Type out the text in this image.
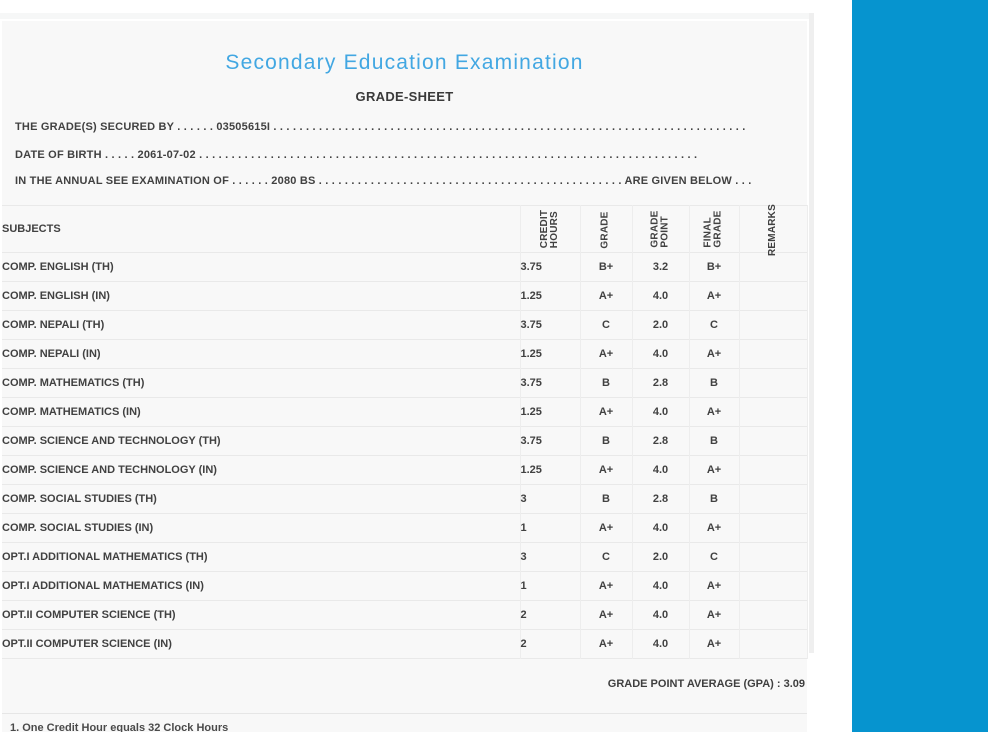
Secondary Education Examination
GRADE-SHEET
THE GRADE(S) SECURED BY . . . . . . 03505615I . . . . . . . . . . . . . . . . . . . . . . . . . . . . . . . . . . . . . . . . . . . . . . . . . . . . . . . . . . . . . . . . . . . . . . . . .
DATE OF BIRTH . . . . . 2061-07-02 . . . . . . . . . . . . . . . . . . . . . . . . . . . . . . . . . . . . . . . . . . . . . . . . . . . . . . . . . . . . . . . . . . . . . . . . . . . . .
IN THE ANNUAL SEE EXAMINATION OF . . . . . . 2080 BS . . . . . . . . . . . . . . . . . . . . . . . . . . . . . . . . . . . . . . . . . . . . . . . ARE GIVEN BELOW . . .
SUBJECTS	CREDIT HOURS	GRADE	GRADE POINT	FINAL GRADE	REMARKS

COMP. ENGLISH (TH)	3.75	B+	3.2	B+	
COMP. ENGLISH (IN)	1.25	A+	4.0	A+	
COMP. NEPALI (TH)	3.75	C	2.0	C	
COMP. NEPALI (IN)	1.25	A+	4.0	A+	
COMP. MATHEMATICS (TH)	3.75	B	2.8	B	
COMP. MATHEMATICS (IN)	1.25	A+	4.0	A+	
COMP. SCIENCE AND TECHNOLOGY (TH)	3.75	B	2.8	B	
COMP. SCIENCE AND TECHNOLOGY (IN)	1.25	A+	4.0	A+	
COMP. SOCIAL STUDIES (TH)	3	B	2.8	B	
COMP. SOCIAL STUDIES (IN)	1	A+	4.0	A+	
OPT.I ADDITIONAL MATHEMATICS (TH)	3	C	2.0	C	
OPT.I ADDITIONAL MATHEMATICS (IN)	1	A+	4.0	A+	
OPT.II COMPUTER SCIENCE (TH)	2	A+	4.0	A+	
OPT.II COMPUTER SCIENCE (IN)	2	A+	4.0	A+	
GRADE POINT AVERAGE (GPA) : 3.09
1. One Credit Hour equals 32 Clock Hours
